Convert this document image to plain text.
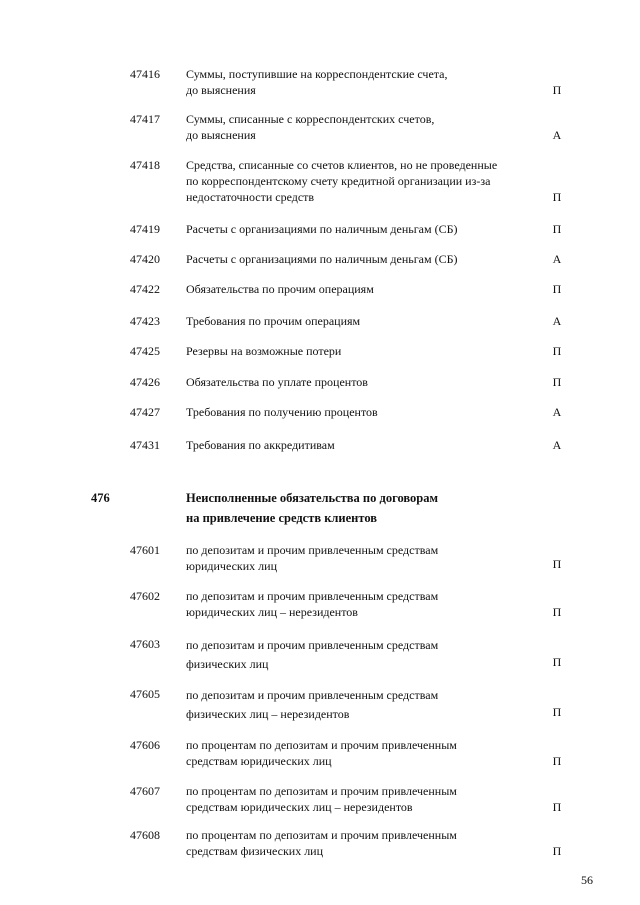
47416 Суммы, поступившие на корреспондентские счета,
до выяснения	П
47417 Суммы, списанные с корреспондентских счетов,
до выяснения	А
47418 Средства, списанные со счетов клиентов, но не проведенные
по корреспондентскому счету кредитной организации из-за
недостаточности средств	П
47419 Расчеты с организациями по наличным деньгам (СБ)	П
47420 Расчеты с организациями по наличным деньгам (СБ)	А
47422 Обязательства по прочим операциям	П
47423 Требования по прочим операциям	А
47425 Резервы на возможные потери	П
47426 Обязательства по уплате процентов	П
47427 Требования по получению процентов	А
47431 Требования по аккредитивам	А
476	Неисполненные обязательства по договорам
на привлечение средств клиентов
47601 по депозитам и прочим привлеченным средствам
юридических лиц	П
47602 по депозитам и прочим привлеченным средствам
юридических лиц – нерезидентов	П
47603 по депозитам и прочим привлеченным средствам
физических лиц	П
47605 по депозитам и прочим привлеченным средствам
физических лиц – нерезидентов	П
47606 по процентам по депозитам и прочим привлеченным
средствам юридических лиц	П
47607 по процентам по депозитам и прочим привлеченным
средствам юридических лиц – нерезидентов	П
47608 по процентам по депозитам и прочим привлеченным
средствам физических лиц	П
56
